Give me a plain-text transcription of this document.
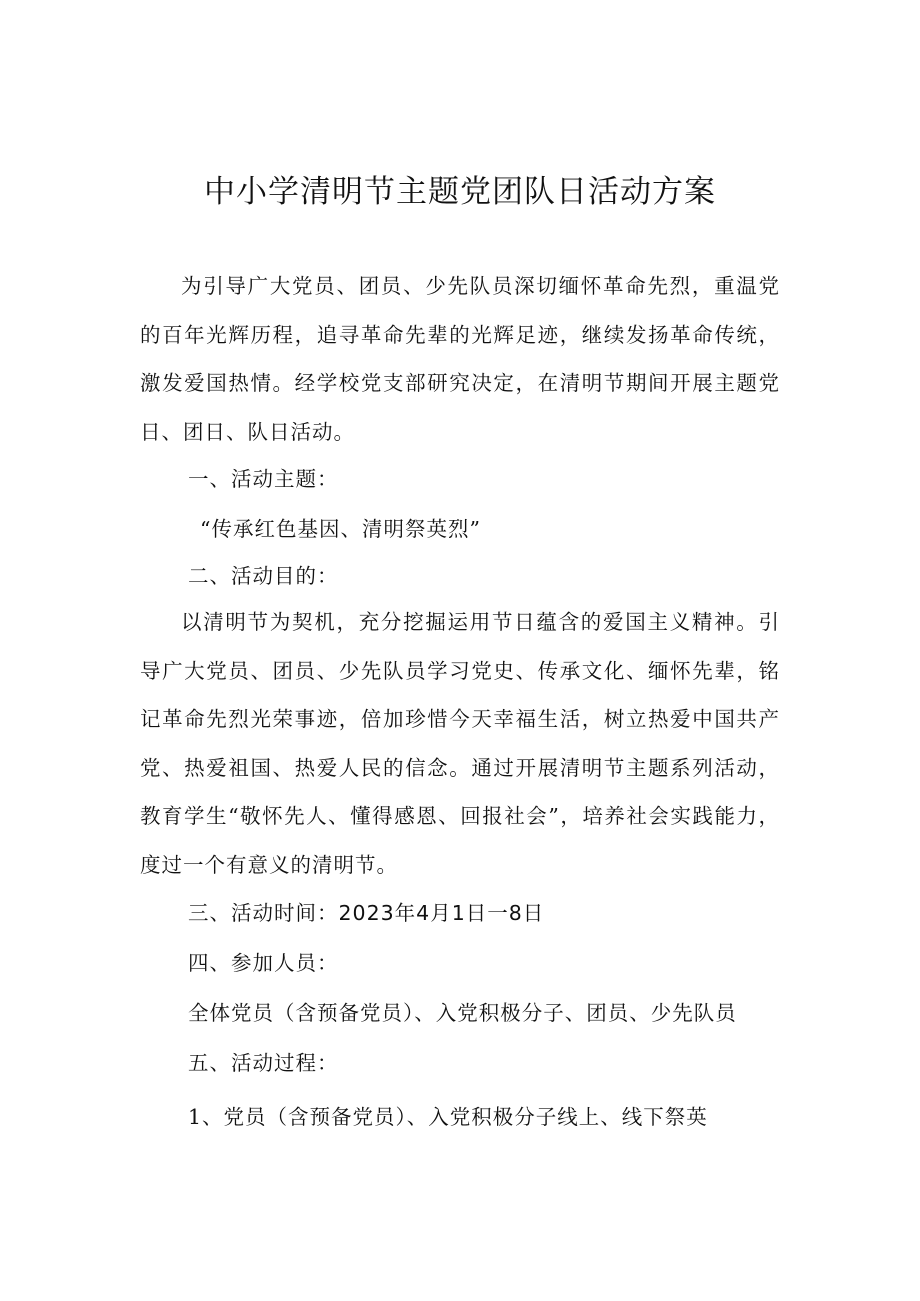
中小学清明节主题党团队日活动方案
为引导广大党员、团员、少先队员深切缅怀革命先烈，重温党的百年光辉历程，追寻革命先辈的光辉足迹，继续发扬革命传统，激发爱国热情。经学校党支部研究决定，在清明节期间开展主题党日、团日、队日活动。
一、活动主题：
“传承红色基因、清明祭英烈”
二、活动目的：
以清明节为契机，充分挖掘运用节日蕴含的爱国主义精神。引导广大党员、团员、少先队员学习党史、传承文化、缅怀先辈，铭记革命先烈光荣事迹，倍加珍惜今天幸福生活，树立热爱中国共产党、热爱祖国、热爱人民的信念。通过开展清明节主题系列活动，教育学生“敬怀先人、懂得感恩、回报社会”，培养社会实践能力，度过一个有意义的清明节。
三、活动时间：2023年4月1日一8日
四、参加人员：
全体党员（含预备党员）、入党积极分子、团员、少先队员
五、活动过程：
1、党员（含预备党员）、入党积极分子线上、线下祭英
